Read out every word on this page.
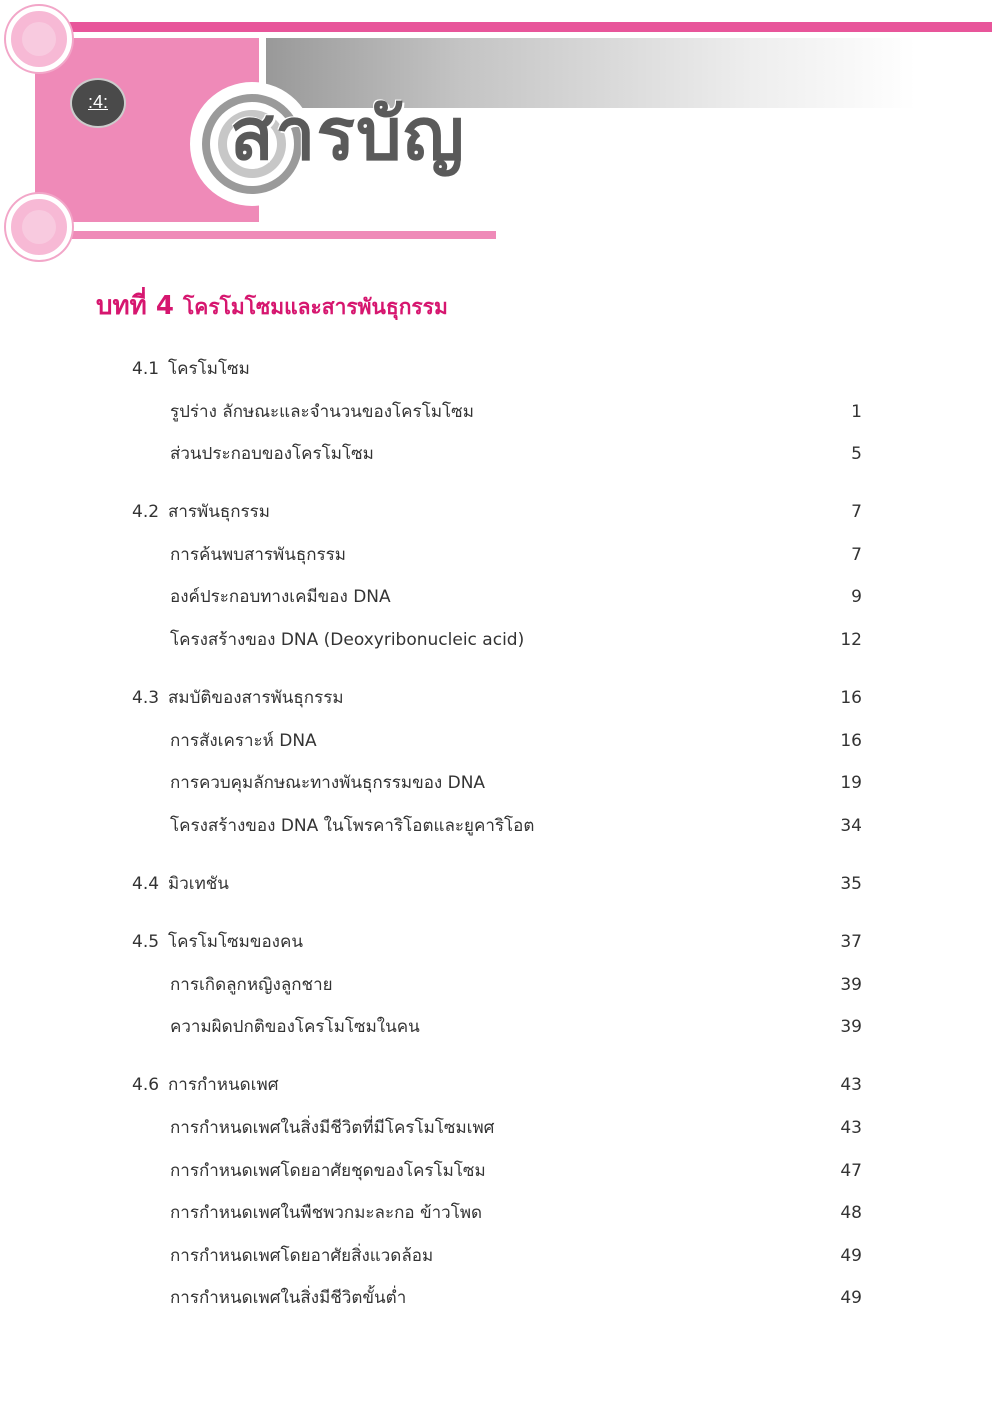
:4: สารบัญ
บทที่ 4 โครโมโซมและสารพันธุกรรม
4.1 โครโมโซม
รูปร่าง ลักษณะและจำนวนของโครโมโซม	1
ส่วนประกอบของโครโมโซม	5
4.2 สารพันธุกรรม	7
การค้นพบสารพันธุกรรม	7
องค์ประกอบทางเคมีของ DNA	9
โครงสร้างของ DNA (Deoxyribonucleic acid)	12
4.3 สมบัติของสารพันธุกรรม	16
การสังเคราะห์ DNA	16
การควบคุมลักษณะทางพันธุกรรมของ DNA	19
โครงสร้างของ DNA ในโพรคาริโอตและยูคาริโอต	34
4.4 มิวเทชัน	35
4.5 โครโมโซมของคน	37
การเกิดลูกหญิงลูกชาย	39
ความผิดปกติของโครโมโซมในคน	39
4.6 การกำหนดเพศ	43
การกำหนดเพศในสิ่งมีชีวิตที่มีโครโมโซมเพศ	43
การกำหนดเพศโดยอาศัยชุดของโครโมโซม	47
การกำหนดเพศในพืชพวกมะละกอ ข้าวโพด	48
การกำหนดเพศโดยอาศัยสิ่งแวดล้อม	49
การกำหนดเพศในสิ่งมีชีวิตขั้นต่ำ	49
